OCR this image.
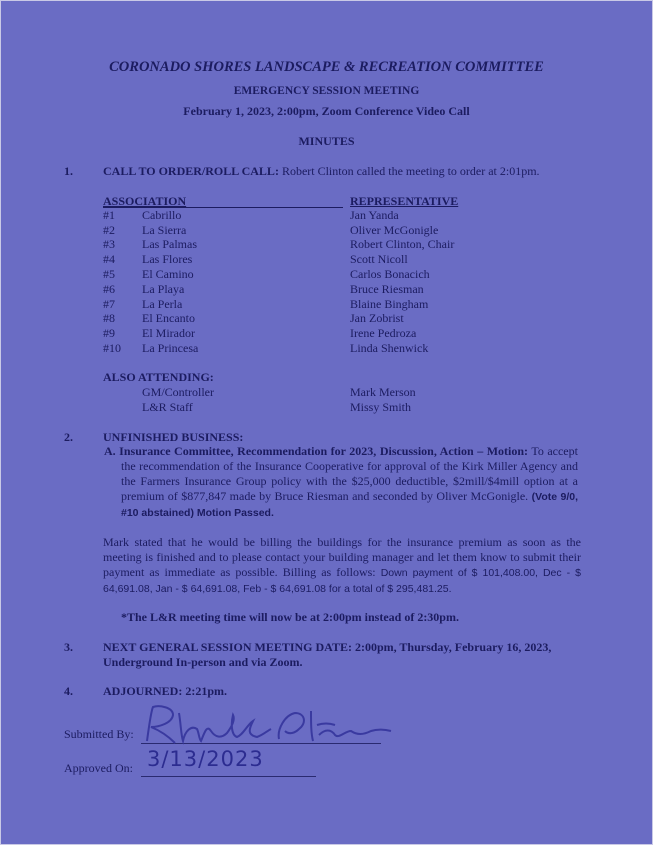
CORONADO SHORES LANDSCAPE & RECREATION COMMITTEE
EMERGENCY SESSION MEETING
February 1, 2023, 2:00pm, Zoom Conference Video Call
MINUTES
1.	CALL TO ORDER/ROLL CALL: Robert Clinton called the meeting to order at 2:01pm.
ASSOCIATION	REPRESENTATIVE
#1 Cabrillo	Jan Yanda
#2 La Sierra	Oliver McGonigle
#3 Las Palmas	Robert Clinton, Chair
#4 Las Flores	Scott Nicoll
#5 El Camino	Carlos Bonacich
#6 La Playa	Bruce Riesman
#7 La Perla	Blaine Bingham
#8 El Encanto	Jan Zobrist
#9 El Mirador	Irene Pedroza
#10 La Princesa	Linda Shenwick
ALSO ATTENDING:
GM/Controller	Mark Merson
L&R Staff	Missy Smith
2.	UNFINISHED BUSINESS:
A. Insurance Committee, Recommendation for 2023, Discussion, Action – Motion: To accept the recommendation of the Insurance Cooperative for approval of the Kirk Miller Agency and the Farmers Insurance Group policy with the $25,000 deductible, $2mill/$4mill option at a premium of $877,847 made by Bruce Riesman and seconded by Oliver McGonigle. (Vote 9/0, #10 abstained) Motion Passed.
Mark stated that he would be billing the buildings for the insurance premium as soon as the meeting is finished and to please contact your building manager and let them know to submit their payment as immediate as possible. Billing as follows: Down payment of $ 101,408.00, Dec - $ 64,691.08, Jan - $ 64,691.08, Feb - $ 64,691.08 for a total of $ 295,481.25.
*The L&R meeting time will now be at 2:00pm instead of 2:30pm.
3.	NEXT GENERAL SESSION MEETING DATE: 2:00pm, Thursday, February 16, 2023,
Underground In-person and via Zoom.
4.	ADJOURNED: 2:21pm.
Submitted By:
Approved On: 3/13/2023
